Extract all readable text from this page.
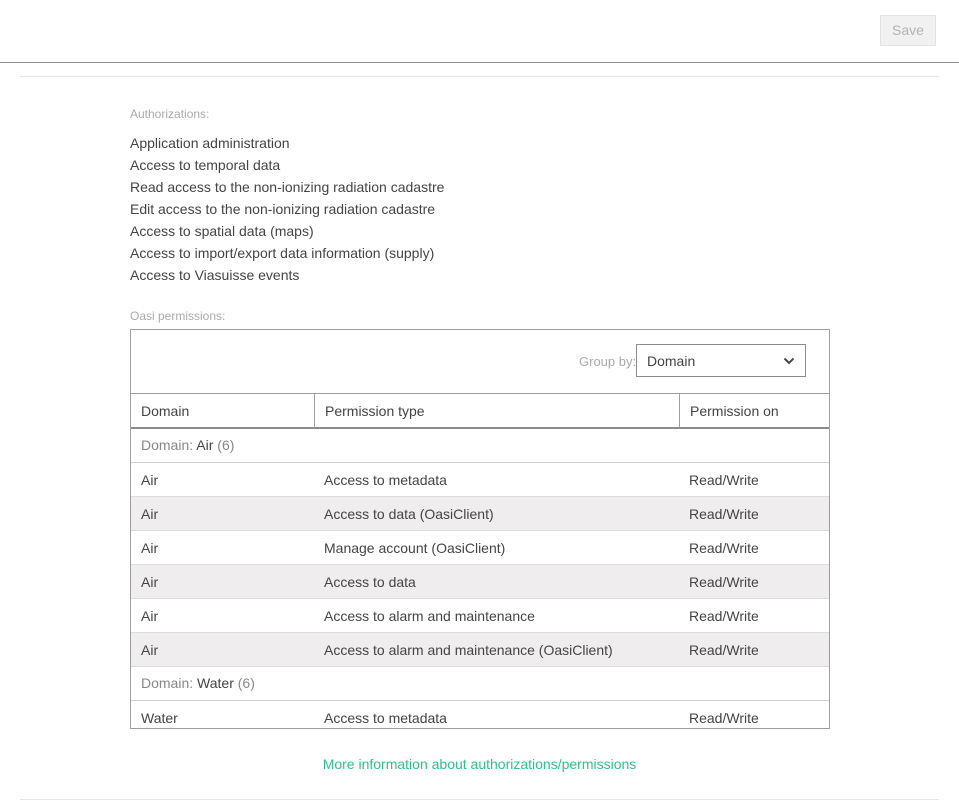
Save
Authorizations:
Application administration
Access to temporal data
Read access to the non-ionizing radiation cadastre
Edit access to the non-ionizing radiation cadastre
Access to spatial data (maps)
Access to import/export data information (supply)
Access to Viasuisse events
Oasi permissions:
Group by: Domain
Domain	Permission type	Permission on
Domain: Air (6)
Air	Access to metadata	Read/Write
Air	Access to data (OasiClient)	Read/Write
Air	Manage account (OasiClient)	Read/Write
Air	Access to data	Read/Write
Air	Access to alarm and maintenance	Read/Write
Air	Access to alarm and maintenance (OasiClient)	Read/Write
Domain: Water (6)
Water	Access to metadata	Read/Write
More information about authorizations/permissions
